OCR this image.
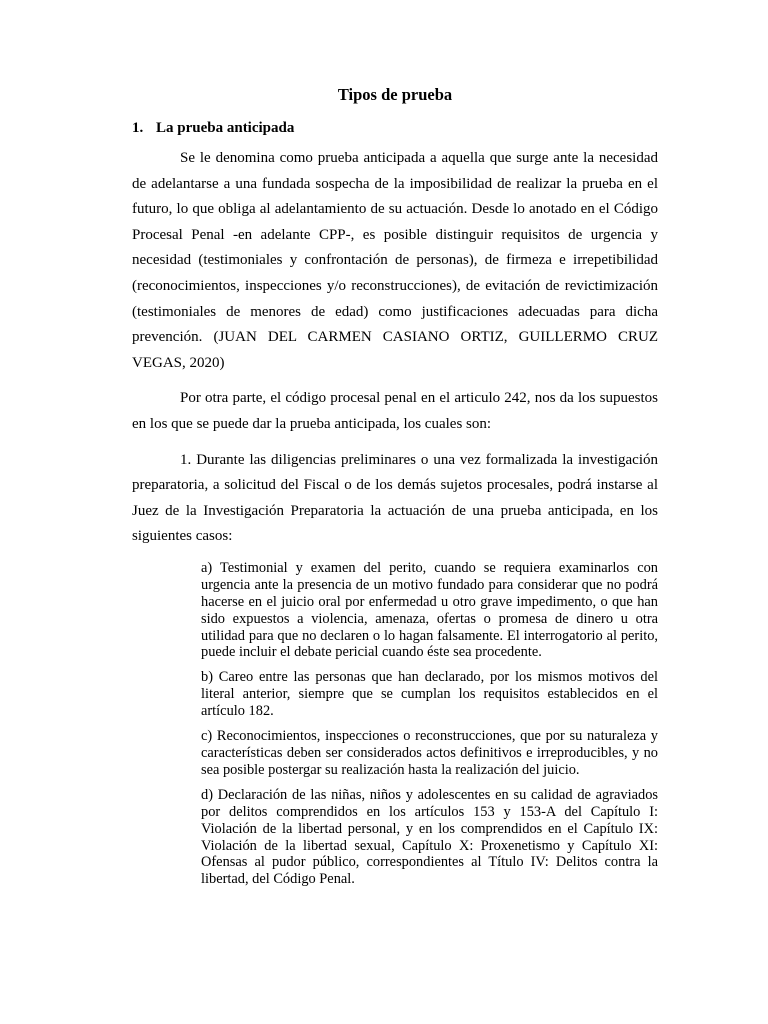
Tipos de prueba
1. La prueba anticipada

Se le denomina como prueba anticipada a aquella que surge ante la necesidad de adelantarse a una fundada sospecha de la imposibilidad de realizar la prueba en el futuro, lo que obliga al adelantamiento de su actuación. Desde lo anotado en el Código Procesal Penal -en adelante CPP-, es posible distinguir requisitos de urgencia y necesidad (testimoniales y confrontación de personas), de firmeza e irrepetibilidad (reconocimientos, inspecciones y/o reconstrucciones), de evitación de revictimización (testimoniales de menores de edad) como justificaciones adecuadas para dicha prevención. (JUAN DEL CARMEN CASIANO ORTIZ, GUILLERMO CRUZ VEGAS, 2020)

Por otra parte, el código procesal penal en el articulo 242, nos da los supuestos en los que se puede dar la prueba anticipada, los cuales son:

1. Durante las diligencias preliminares o una vez formalizada la investigación preparatoria, a solicitud del Fiscal o de los demás sujetos procesales, podrá instarse al Juez de la Investigación Preparatoria la actuación de una prueba anticipada, en los siguientes casos:

a) Testimonial y examen del perito, cuando se requiera examinarlos con urgencia ante la presencia de un motivo fundado para considerar que no podrá hacerse en el juicio oral por enfermedad u otro grave impedimento, o que han sido expuestos a violencia, amenaza, ofertas o promesa de dinero u otra utilidad para que no declaren o lo hagan falsamente. El interrogatorio al perito, puede incluir el debate pericial cuando éste sea procedente.
b) Careo entre las personas que han declarado, por los mismos motivos del literal anterior, siempre que se cumplan los requisitos establecidos en el artículo 182.
c) Reconocimientos, inspecciones o reconstrucciones, que por su naturaleza y características deben ser considerados actos definitivos e irreproducibles, y no sea posible postergar su realización hasta la realización del juicio.
d) Declaración de las niñas, niños y adolescentes en su calidad de agraviados por delitos comprendidos en los artículos 153 y 153-A del Capítulo I: Violación de la libertad personal, y en los comprendidos en el Capítulo IX: Violación de la libertad sexual, Capítulo X: Proxenetismo y Capítulo XI: Ofensas al pudor público, correspondientes al Título IV: Delitos contra la libertad, del Código Penal.
